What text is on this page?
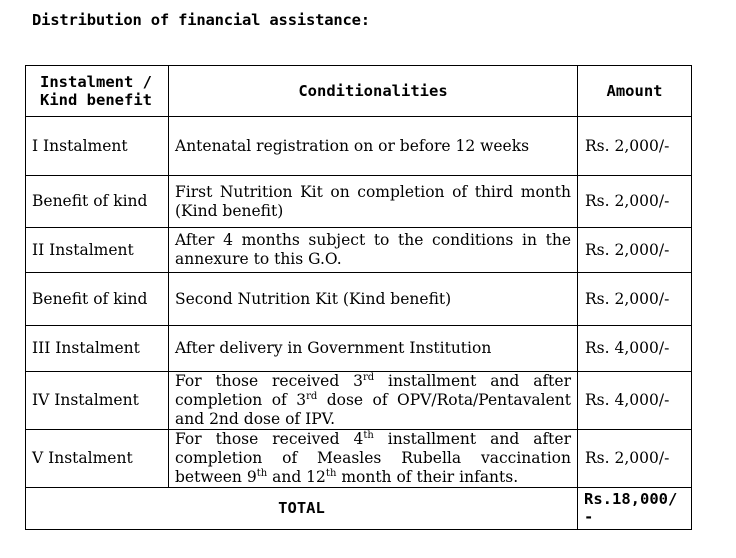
Distribution of financial assistance:
Instalment /
Kind benefit	Conditionalities	Amount
I Instalment	Antenatal registration on or before 12 weeks	Rs. 2,000/-
Benefit of kind	First Nutrition Kit on completion of third month (Kind benefit)	Rs. 2,000/-
II Instalment	After 4 months subject to the conditions in the annexure to this G.O.	Rs. 2,000/-
Benefit of kind	Second Nutrition Kit (Kind benefit)	Rs. 2,000/-
III Instalment	After delivery in Government Institution	Rs. 4,000/-
IV Instalment	For those received 3rd installment and after completion of 3rd dose of OPV/Rota/Pentavalent and 2nd dose of IPV.	Rs. 4,000/-
V Instalment	For those received 4th installment and after completion of Measles Rubella vaccination between 9th and 12th month of their infants.	Rs. 2,000/-
TOTAL		Rs.18,000/
-
